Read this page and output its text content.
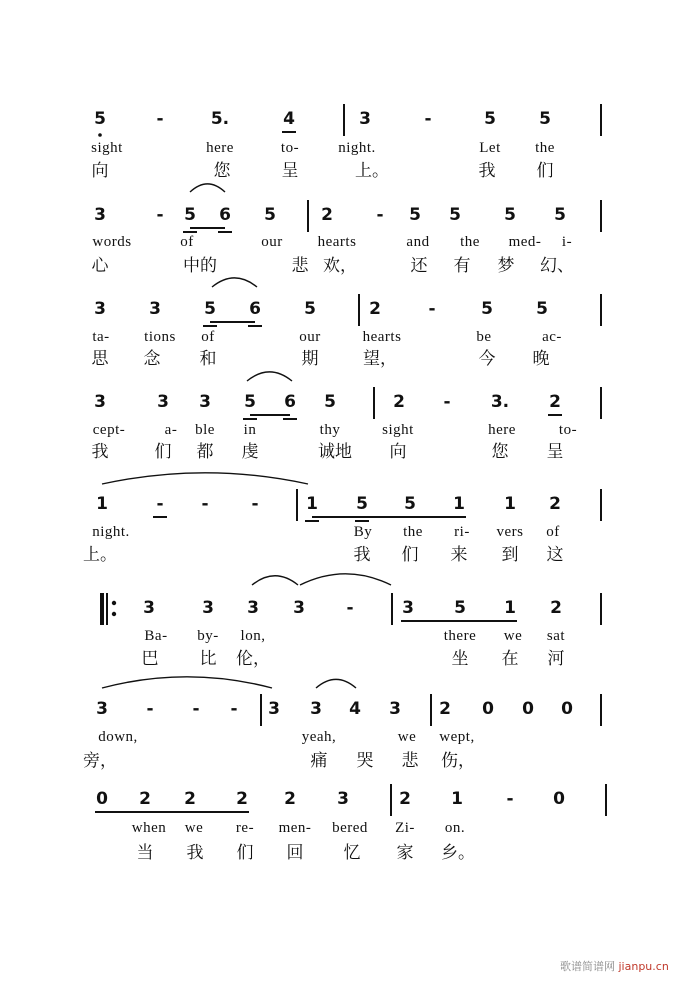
歌谱简谱网 jianpu.cn
5	-	5.	4	3	-	5	5
sight	here	to-	night.	Let the
向	您	呈	上。	我 们
3	- 5 6 5	2	- 5 5	5 5
words	of	our hearts	and the med- i-
心	中的	悲 欢，	还 有 梦 幻、
3	3	5 6	5	2	-	5	5
ta- tions of	our	hearts	be	ac-
思 念 和	期	望，	今 晚
3	3 3 5 6 5	2 - 3. 2
cept-	a- ble in	thy	sight	here	to-
我	们 都 虔	诚地 向	您 呈
1	- -	-	1 5 5 1 1 2
night.	By the ri- vers of
上。	我 们 来 到 这
3	3 3 3 -	3 5 1 2
Ba- by- lon,	there we sat
巴 比 伦，	坐 在 河
3 - - - 3 3 4 3 2 0 0 0
down,	yeah,	we wept,
旁，	痛 哭 悲 伤，
0 2 2 2 2 3	2 1	- 0
when we re- men- bered Zi- on.
当 我 们 回 忆 家 乡。
